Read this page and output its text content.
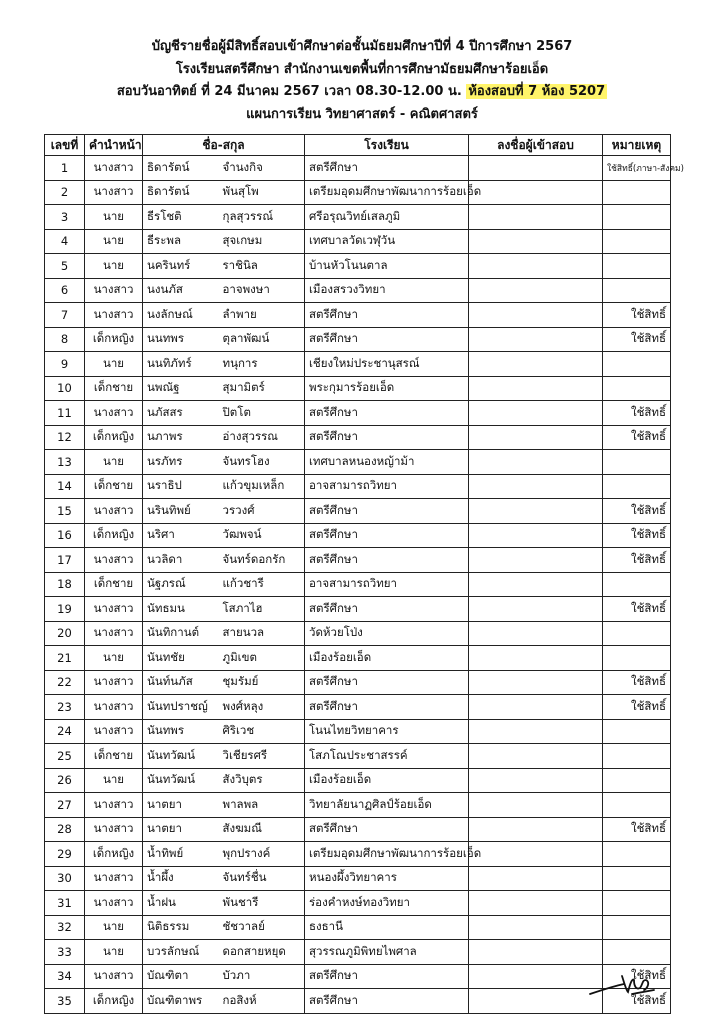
บัญชีรายชื่อผู้มีสิทธิ์สอบเข้าศึกษาต่อชั้นมัธยมศึกษาปีที่ 4 ปีการศึกษา 2567
โรงเรียนสตรีศึกษา สำนักงานเขตพื้นที่การศึกษามัธยมศึกษาร้อยเอ็ด
สอบวันอาทิตย์ ที่ 24 มีนาคม 2567 เวลา 08.30-12.00 น. ห้องสอบที่ 7 ห้อง 5207
แผนการเรียน วิทยาศาสตร์ - คณิตศาสตร์
เลขที่	คำนำหน้า	ชื่อ-สกุล		โรงเรียน	ลงชื่อผู้เข้าสอบ	หมายเหตุ
1	นางสาว	ธิดารัตน์	จำนงกิจ	สตรีศึกษา		ใช้สิทธิ์(ภาษา-สังคม)
2	นางสาว	ธิดารัตน์	พันสุโพ	เตรียมอุดมศึกษาพัฒนาการร้อยเอ็ด		
3	นาย	ธีรโชติ	กุลสุวรรณ์	ศรีอรุณวิทย์เสลภูมิ		
4	นาย	ธีระพล	สุจเกษม	เทศบาลวัดเวฬุวัน		
5	นาย	นครินทร์	ราชินิล	บ้านหัวโนนตาล		
6	นางสาว	นงนภัส	อาจพงษา	เมืองสรวงวิทยา		
7	นางสาว	นงลักษณ์	ลำพาย	สตรีศึกษา		ใช้สิทธิ์
8	เด็กหญิง	นนทพร	ตุลาพัฒน์	สตรีศึกษา		ใช้สิทธิ์
9	นาย	นนทิภัทร์	ทนุการ	เชียงใหม่ประชานุสรณ์		
10	เด็กชาย	นพณัฐ	สุมามิตร์	พระกุมารร้อยเอ็ด		
11	นางสาว	นภัสสร	ปิตโต	สตรีศึกษา		ใช้สิทธิ์
12	เด็กหญิง	นภาพร	อ่างสุวรรณ	สตรีศึกษา		ใช้สิทธิ์
13	นาย	นรภัทร	จันทรโฮง	เทศบาลหนองหญ้าม้า		
14	เด็กชาย	นราธิป	แก้วขุมเหล็ก	อาจสามารถวิทยา		
15	นางสาว	นรินทิพย์	วรวงศ์	สตรีศึกษา		ใช้สิทธิ์
16	เด็กหญิง	นริศา	วัฒพจน์	สตรีศึกษา		ใช้สิทธิ์
17	นางสาว	นวลิดา	จันทร์ดอกรัก	สตรีศึกษา		ใช้สิทธิ์
18	เด็กชาย	นัฐภรณ์	แก้วชารี	อาจสามารถวิทยา		
19	นางสาว	นัทธมน	โสภาไฮ	สตรีศึกษา		ใช้สิทธิ์
20	นางสาว	นันทิกานต์	สายนวล	วัดห้วยโป่ง		
21	นาย	นันทชัย	ภูมิเขต	เมืองร้อยเอ็ด		
22	นางสาว	นันท์นภัส	ชุมรัมย์	สตรีศึกษา		ใช้สิทธิ์
23	นางสาว	นันทปราชญ์	พงศ์หลุง	สตรีศึกษา		ใช้สิทธิ์
24	นางสาว	นันทพร	ศิริเวช	โนนไทยวิทยาคาร		
25	เด็กชาย	นันทวัฒน์	วิเชียรศรี	โสภโณประชาสรรค์		
26	นาย	นันทวัฒน์	สังวิบุตร	เมืองร้อยเอ็ด		
27	นางสาว	นาตยา	พาลพล	วิทยาลัยนาฏศิลป์ร้อยเอ็ด		
28	นางสาว	นาตยา	สังฆมณี	สตรีศึกษา		ใช้สิทธิ์
29	เด็กหญิง	น้ำทิพย์	พุกปรางค์	เตรียมอุดมศึกษาพัฒนาการร้อยเอ็ด		
30	นางสาว	น้ำผึ้ง	จันทร์ชื่น	หนองผึ้งวิทยาคาร		
31	นางสาว	น้ำฝน	พันชารี	ร่องคำหงษ์ทองวิทยา		
32	นาย	นิติธรรม	ชัชวาลย์	ธงธานี		
33	นาย	บวรลักษณ์	ดอกสายหยุด	สุวรรณภูมิพิทยไพศาล		
34	นางสาว	บัณฑิตา	บัวภา	สตรีศึกษา		ใช้สิทธิ์
35	เด็กหญิง	บัณฑิตาพร	กอสิงห์	สตรีศึกษา		ใช้สิทธิ์
